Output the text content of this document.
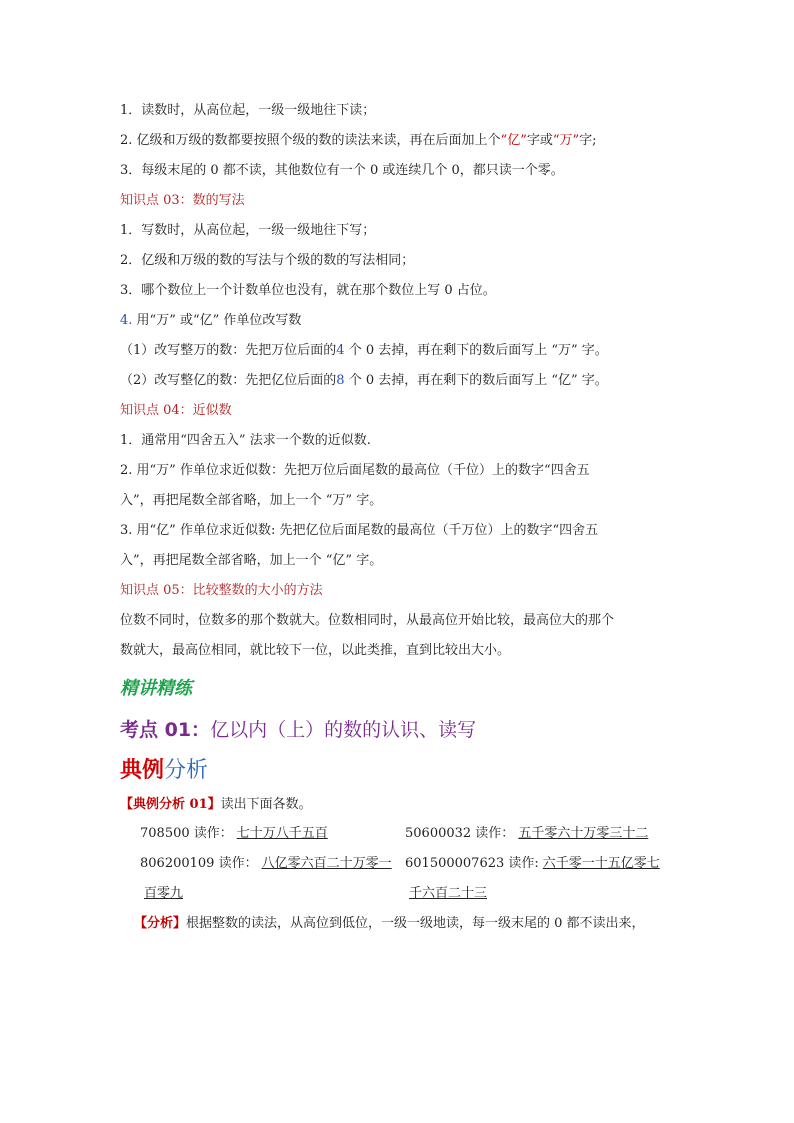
1．读数时，从高位起，一级一级地往下读；
2. 亿级和万级的数都要按照个级的数的读法来读，再在后面加上个“亿”字或“万”字;
3．每级末尾的 0 都不读，其他数位有一个 0 或连续几个 0，都只读一个零。
知识点 03：数的写法
1．写数时，从高位起，一级一级地往下写；
2．亿级和万级的数的写法与个级的数的写法相同；
3．哪个数位上一个计数单位也没有，就在那个数位上写 0 占位。
4. 用“万” 或“亿” 作单位改写数
（1）改写整万的数：先把万位后面的4 个 0 去掉，再在剩下的数后面写上 “万” 字。
（2）改写整亿的数：先把亿位后面的8 个 0 去掉，再在剩下的数后面写上 “亿” 字。
知识点 04：近似数
1．通常用“四舍五入” 法求一个数的近似数.
2. 用“万” 作单位求近似数：先把万位后面尾数的最高位（千位）上的数字“四舍五
入”，再把尾数全部省略，加上一个 “万” 字。
3. 用“亿” 作单位求近似数: 先把亿位后面尾数的最高位（千万位）上的数字“四舍五
入”，再把尾数全部省略，加上一个 “亿” 字。
知识点 05：比较整数的大小的方法
位数不同时，位数多的那个数就大。位数相同时，从最高位开始比较，最高位大的那个
数就大，最高位相同，就比较下一位，以此类推，直到比较出大小。
精讲精练
考点 01：亿以内（上）的数的认识、读写
典例分析
【典例分析 01】读出下面各数。
708500 读作： 七十万八千五百	50600032 读作： 五千零六十万零三十二
806200109 读作： 八亿零六百二十万零一	601500007623 读作: 六千零一十五亿零七
百零九	千六百二十三
【分析】根据整数的读法，从高位到低位，一级一级地读，每一级末尾的 0 都不读出来，
